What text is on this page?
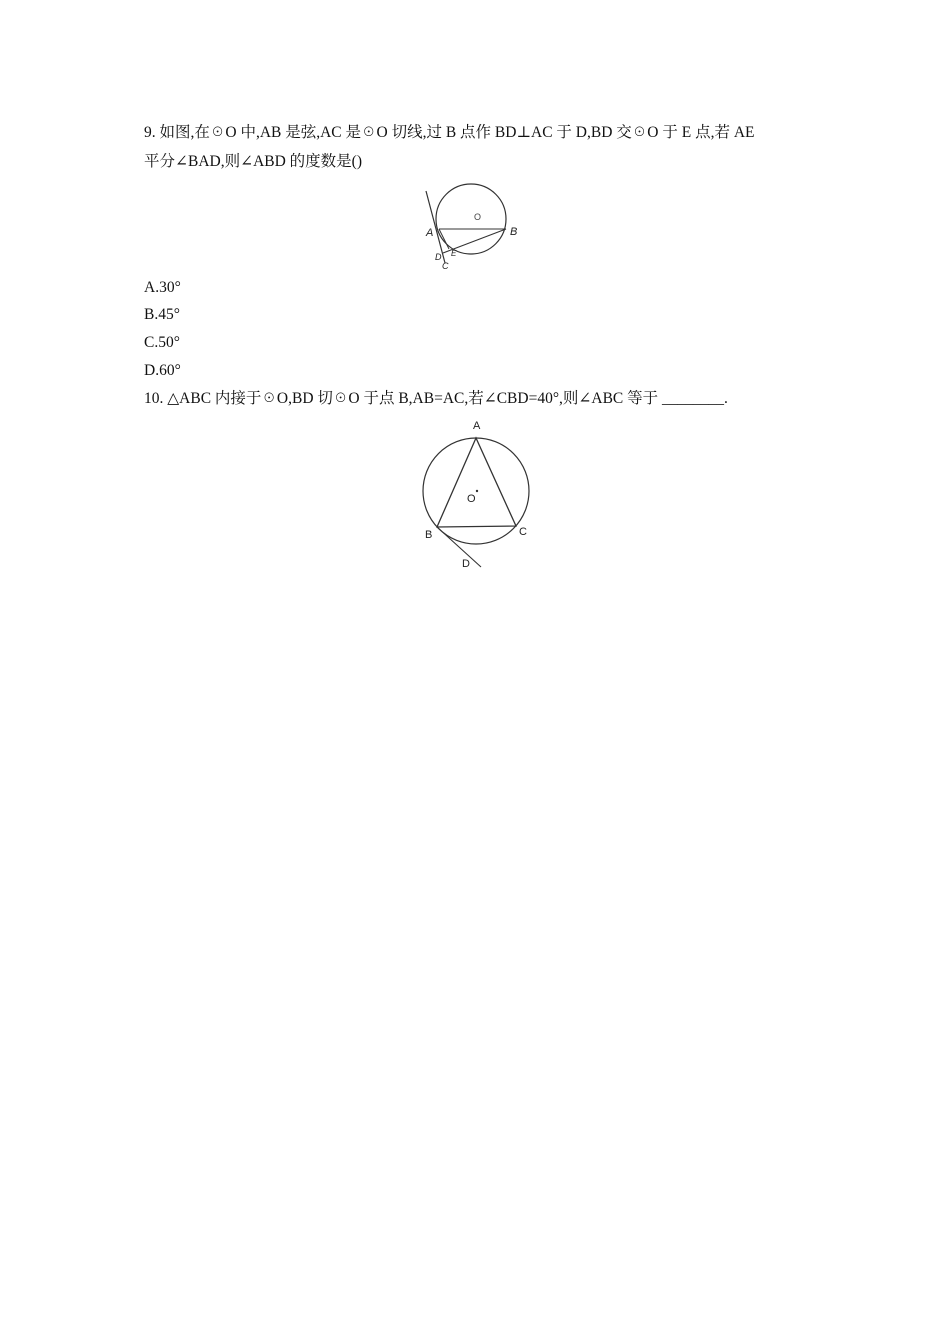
9. 如图,在☉O 中,AB 是弦,AC 是☉O 切线,过 B 点作 BD⊥AC 于 D,BD 交☉O 于 E 点,若 AE
平分∠BAD,则∠ABD 的度数是()
O
A	B
D E
C
A.30°
B.45°
C.50°
D.60°
10. △ABC 内接于☉O,BD 切☉O 于点 B,AB=AC,若∠CBD=40°,则∠ABC 等于 ________.
A
O
B	C
D
